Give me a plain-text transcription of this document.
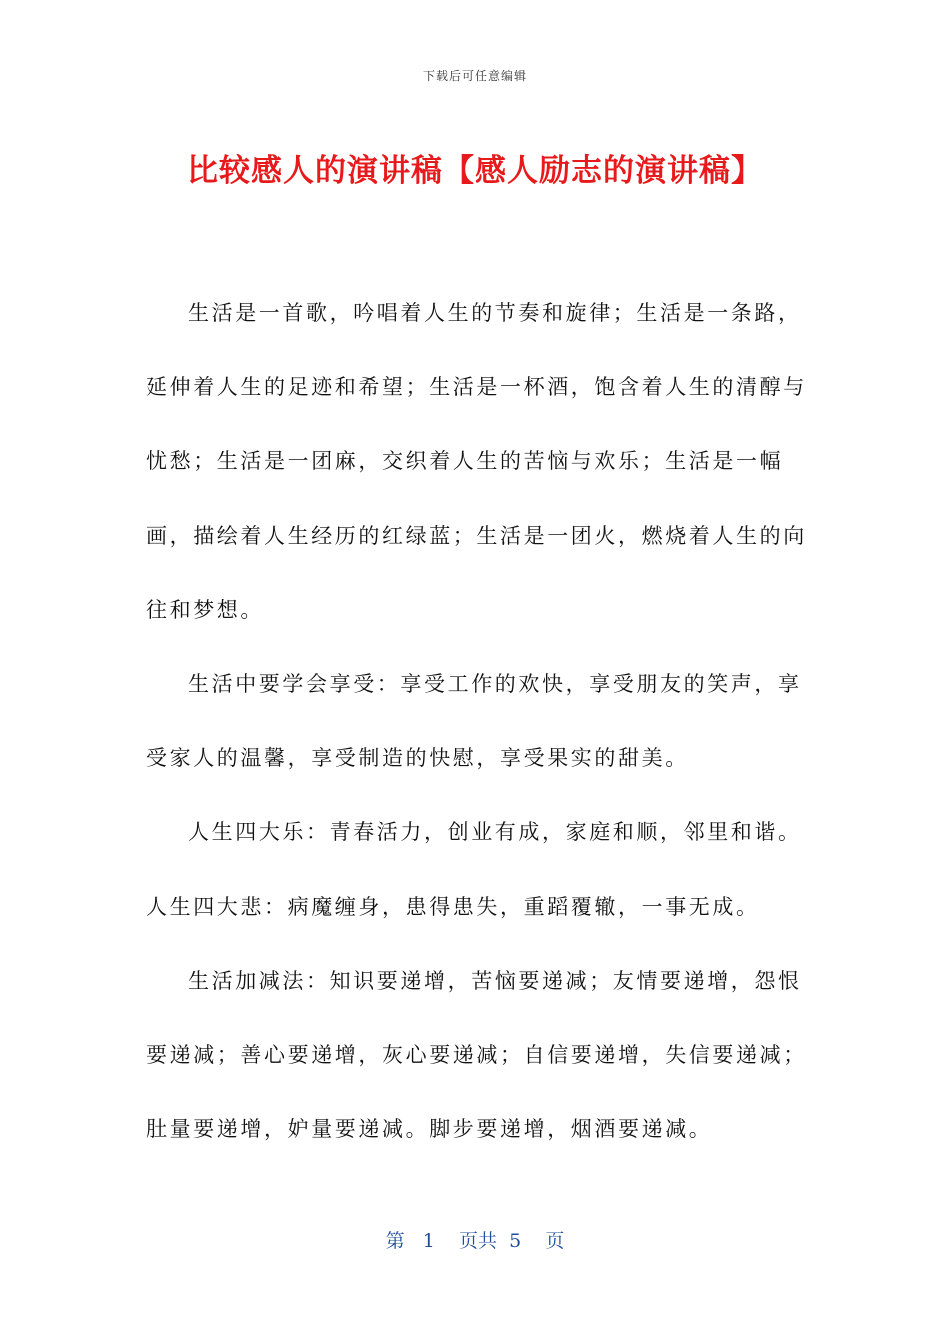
下载后可任意编辑
比较感人的演讲稿【感人励志的演讲稿】

生活是一首歌，吟唱着人生的节奏和旋律；生活是一条路，延伸着人生的足迹和希望；生活是一杯酒，饱含着人生的清醇与忧愁；生活是一团麻，交织着人生的苦恼与欢乐；生活是一幅画，描绘着人生经历的红绿蓝；生活是一团火，燃烧着人生的向往和梦想。

生活中要学会享受：享受工作的欢快，享受朋友的笑声，享受家人的温馨，享受制造的快慰，享受果实的甜美。

人生四大乐：青春活力，创业有成，家庭和顺，邻里和谐。

人生四大悲：病魔缠身，患得患失，重蹈覆辙，一事无成。

生活加减法：知识要递增，苦恼要递减；友情要递增，怨恨要递减；善心要递增，灰心要递减；自信要递增，失信要递减；肚量要递增，妒量要递减。脚步要递增，烟酒要递减。

第 1 页共 5 页
